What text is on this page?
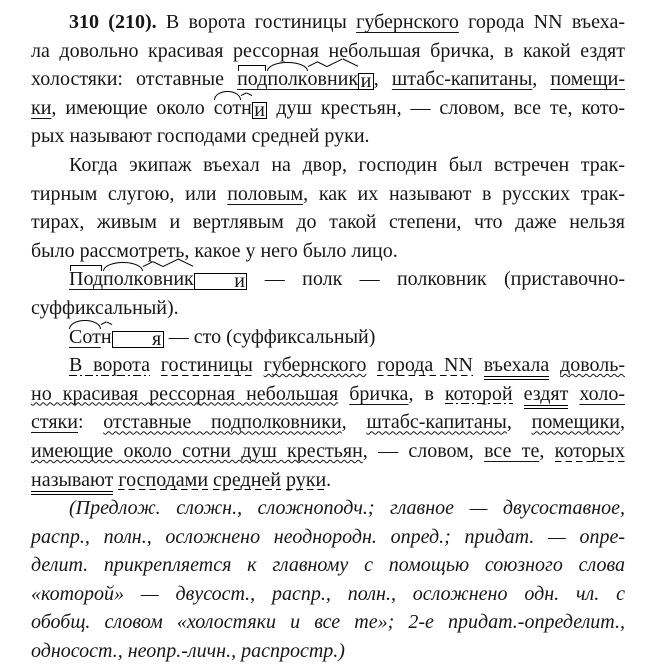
310 (210). В ворота гостиницы губернского города NN въеха-
ла довольно красивая рессорная небольшая бричка, в какой ездят
холостяки: отставные подполковник и , штабс-капитаны, помещи-
ки, имеющие около сотн и душ крестьян, — словом, все те, кото-
рых называют господами средней руки.
Когда экипаж въехал на двор, господин был встречен трак-
тирным слугою, или половым, как их называют в русских трак-
тирах, живым и вертлявым до такой степени, что даже нельзя
было рассмотреть, какое у него было лицо.
Подполковник и — полк — полковник (приставочно-
суффиксальный).
Сотн я — сто (суффиксальный)
В ворота гостиницы губернского города NN въехала доволь-
но красивая рессорная небольшая бричка, в которой ездят холо-
стяки: отставные подполковники, штабс-капитаны, помещики,
имеющие около сотни душ крестьян, — словом, все те, которых
называют господами средней руки.
(Предлож. сложн., сложноподч.; главное — двусоставное,
распр., полн., осложнено неоднородн. опред.; придат. — опре-
делит. прикрепляется к главному с помощью союзного слова
«которой» — двусост., распр., полн., осложнено одн. чл. с
обобщ. словом «холостяки и все те»; 2-е придат.-определит.,
односост., неопр.-личн., распростр.)
